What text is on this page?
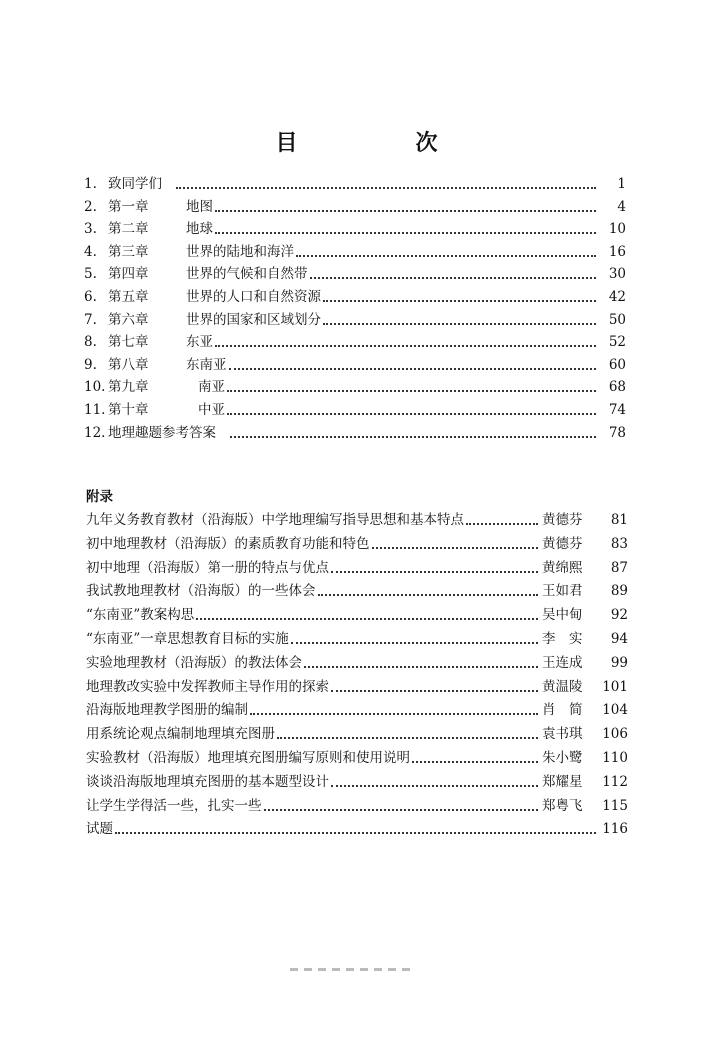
目　次
1. 致同学们	1
2. 第一章	地图	4
3. 第二章	地球	10
4. 第三章	世界的陆地和海洋	16
5. 第四章	世界的气候和自然带	30
6. 第五章	世界的人口和自然资源	42
7. 第六章	世界的国家和区域划分	50
8. 第七章	东亚	52
9. 第八章	东南亚	60
10. 第九章	南亚	68
11. 第十章	中亚	74
12. 地理趣题参考答案	78
附录
九年义务教育教材（沿海版）中学地理编写指导思想和基本特点	黄德芬	81
初中地理教材（沿海版）的素质教育功能和特色	黄德芬	83
初中地理（沿海版）第一册的特点与优点	黄绵熙	87
我试教地理教材（沿海版）的一些体会	王如君	89
“东南亚”教案构思	吴中甸	92
“东南亚”一章思想教育目标的实施	李　实	94
实验地理教材（沿海版）的教法体会	王连成	99
地理教改实验中发挥教师主导作用的探索	黄温陵	101
沿海版地理教学图册的编制	肖　简	104
用系统论观点编制地理填充图册	袁书琪	106
实验教材（沿海版）地理填充图册编写原则和使用说明	朱小鹭	110
谈谈沿海版地理填充图册的基本题型设计	郑耀星	112
让学生学得活一些，扎实一些	郑粤飞	115
试题	116
